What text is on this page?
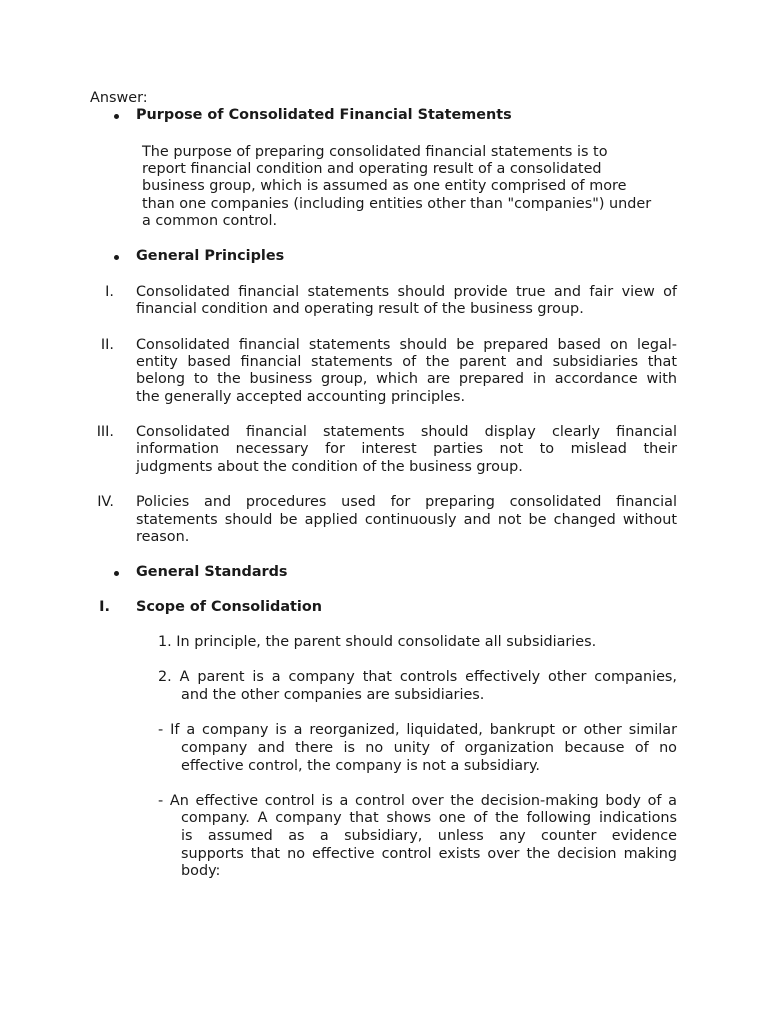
Answer:
Purpose of Consolidated Financial Statements
The purpose of preparing consolidated financial statements is to
report financial condition and operating result of a consolidated
business group, which is assumed as one entity comprised of more
than one companies (including entities other than "companies") under
a common control.
General Principles
I. Consolidated financial statements should provide true and fair view of
financial condition and operating result of the business group.
II. Consolidated financial statements should be prepared based on legal-
entity based financial statements of the parent and subsidiaries that
belong to the business group, which are prepared in accordance with
the generally accepted accounting principles.
III. Consolidated financial statements should display clearly financial
information necessary for interest parties not to mislead their
judgments about the condition of the business group.
IV. Policies and procedures used for preparing consolidated financial
statements should be applied continuously and not be changed without
reason.
General Standards
I. Scope of Consolidation
1. In principle, the parent should consolidate all subsidiaries.
2. A parent is a company that controls effectively other companies,
and the other companies are subsidiaries.
- If a company is a reorganized, liquidated, bankrupt or other similar
company and there is no unity of organization because of no
effective control, the company is not a subsidiary.
- An effective control is a control over the decision-making body of a
company. A company that shows one of the following indications
is assumed as a subsidiary, unless any counter evidence
supports that no effective control exists over the decision making
body:
